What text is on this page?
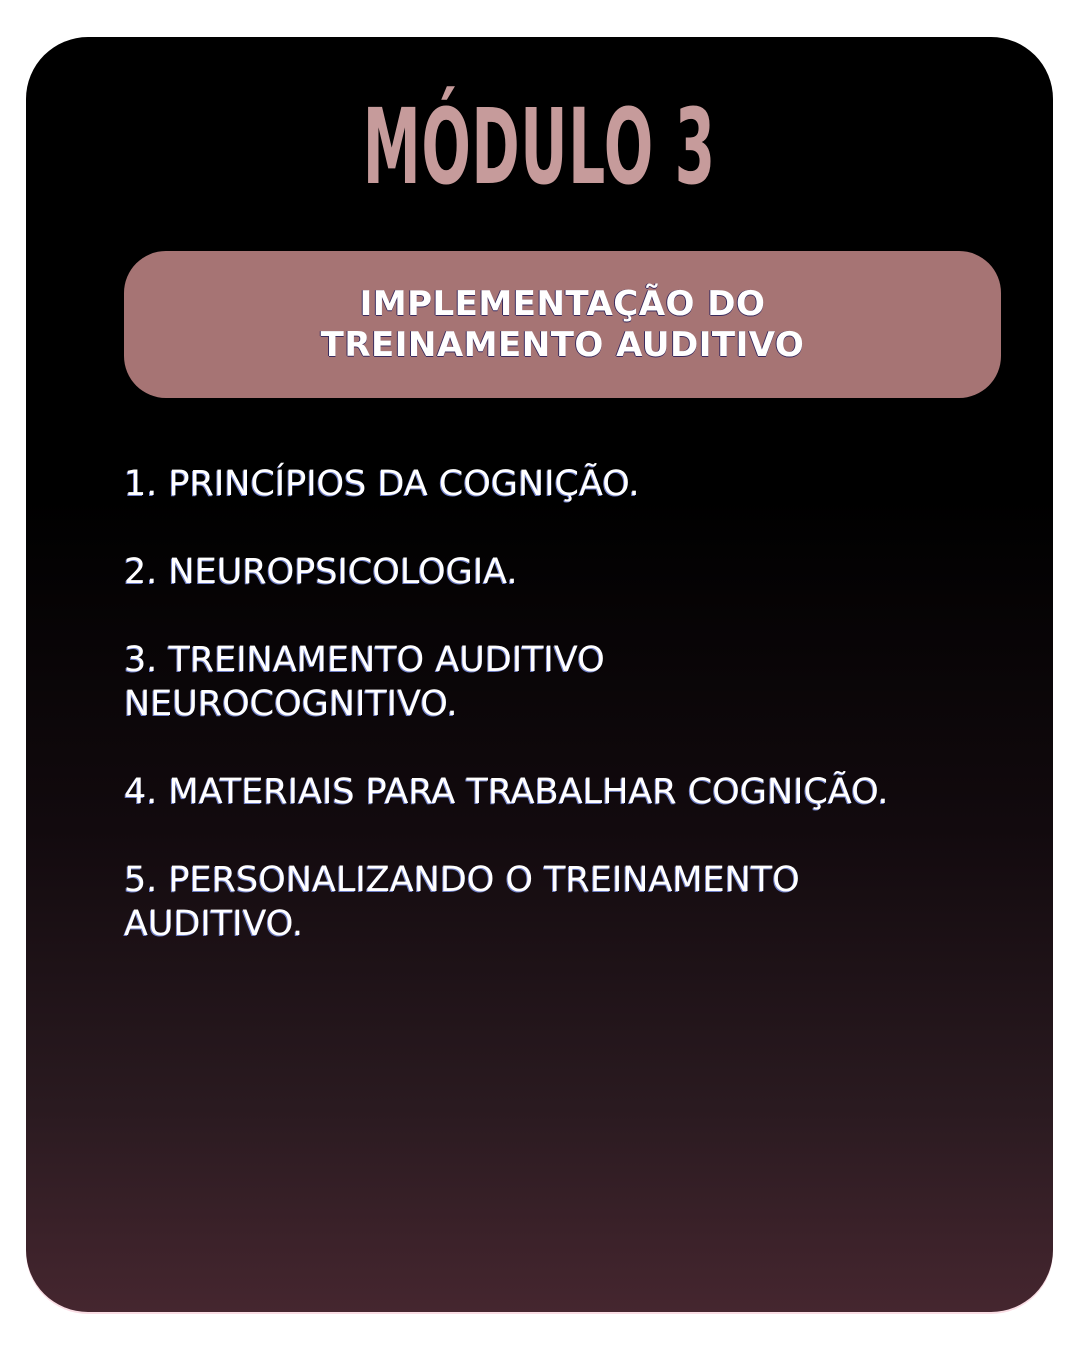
MÓDULO 3
IMPLEMENTAÇÃO DO
TREINAMENTO AUDITIVO
1. PRINCÍPIOS DA COGNIÇÃO.
2. NEUROPSICOLOGIA.
3. TREINAMENTO AUDITIVO
NEUROCOGNITIVO.
4. MATERIAIS PARA TRABALHAR COGNIÇÃO.
5. PERSONALIZANDO O TREINAMENTO
AUDITIVO.
